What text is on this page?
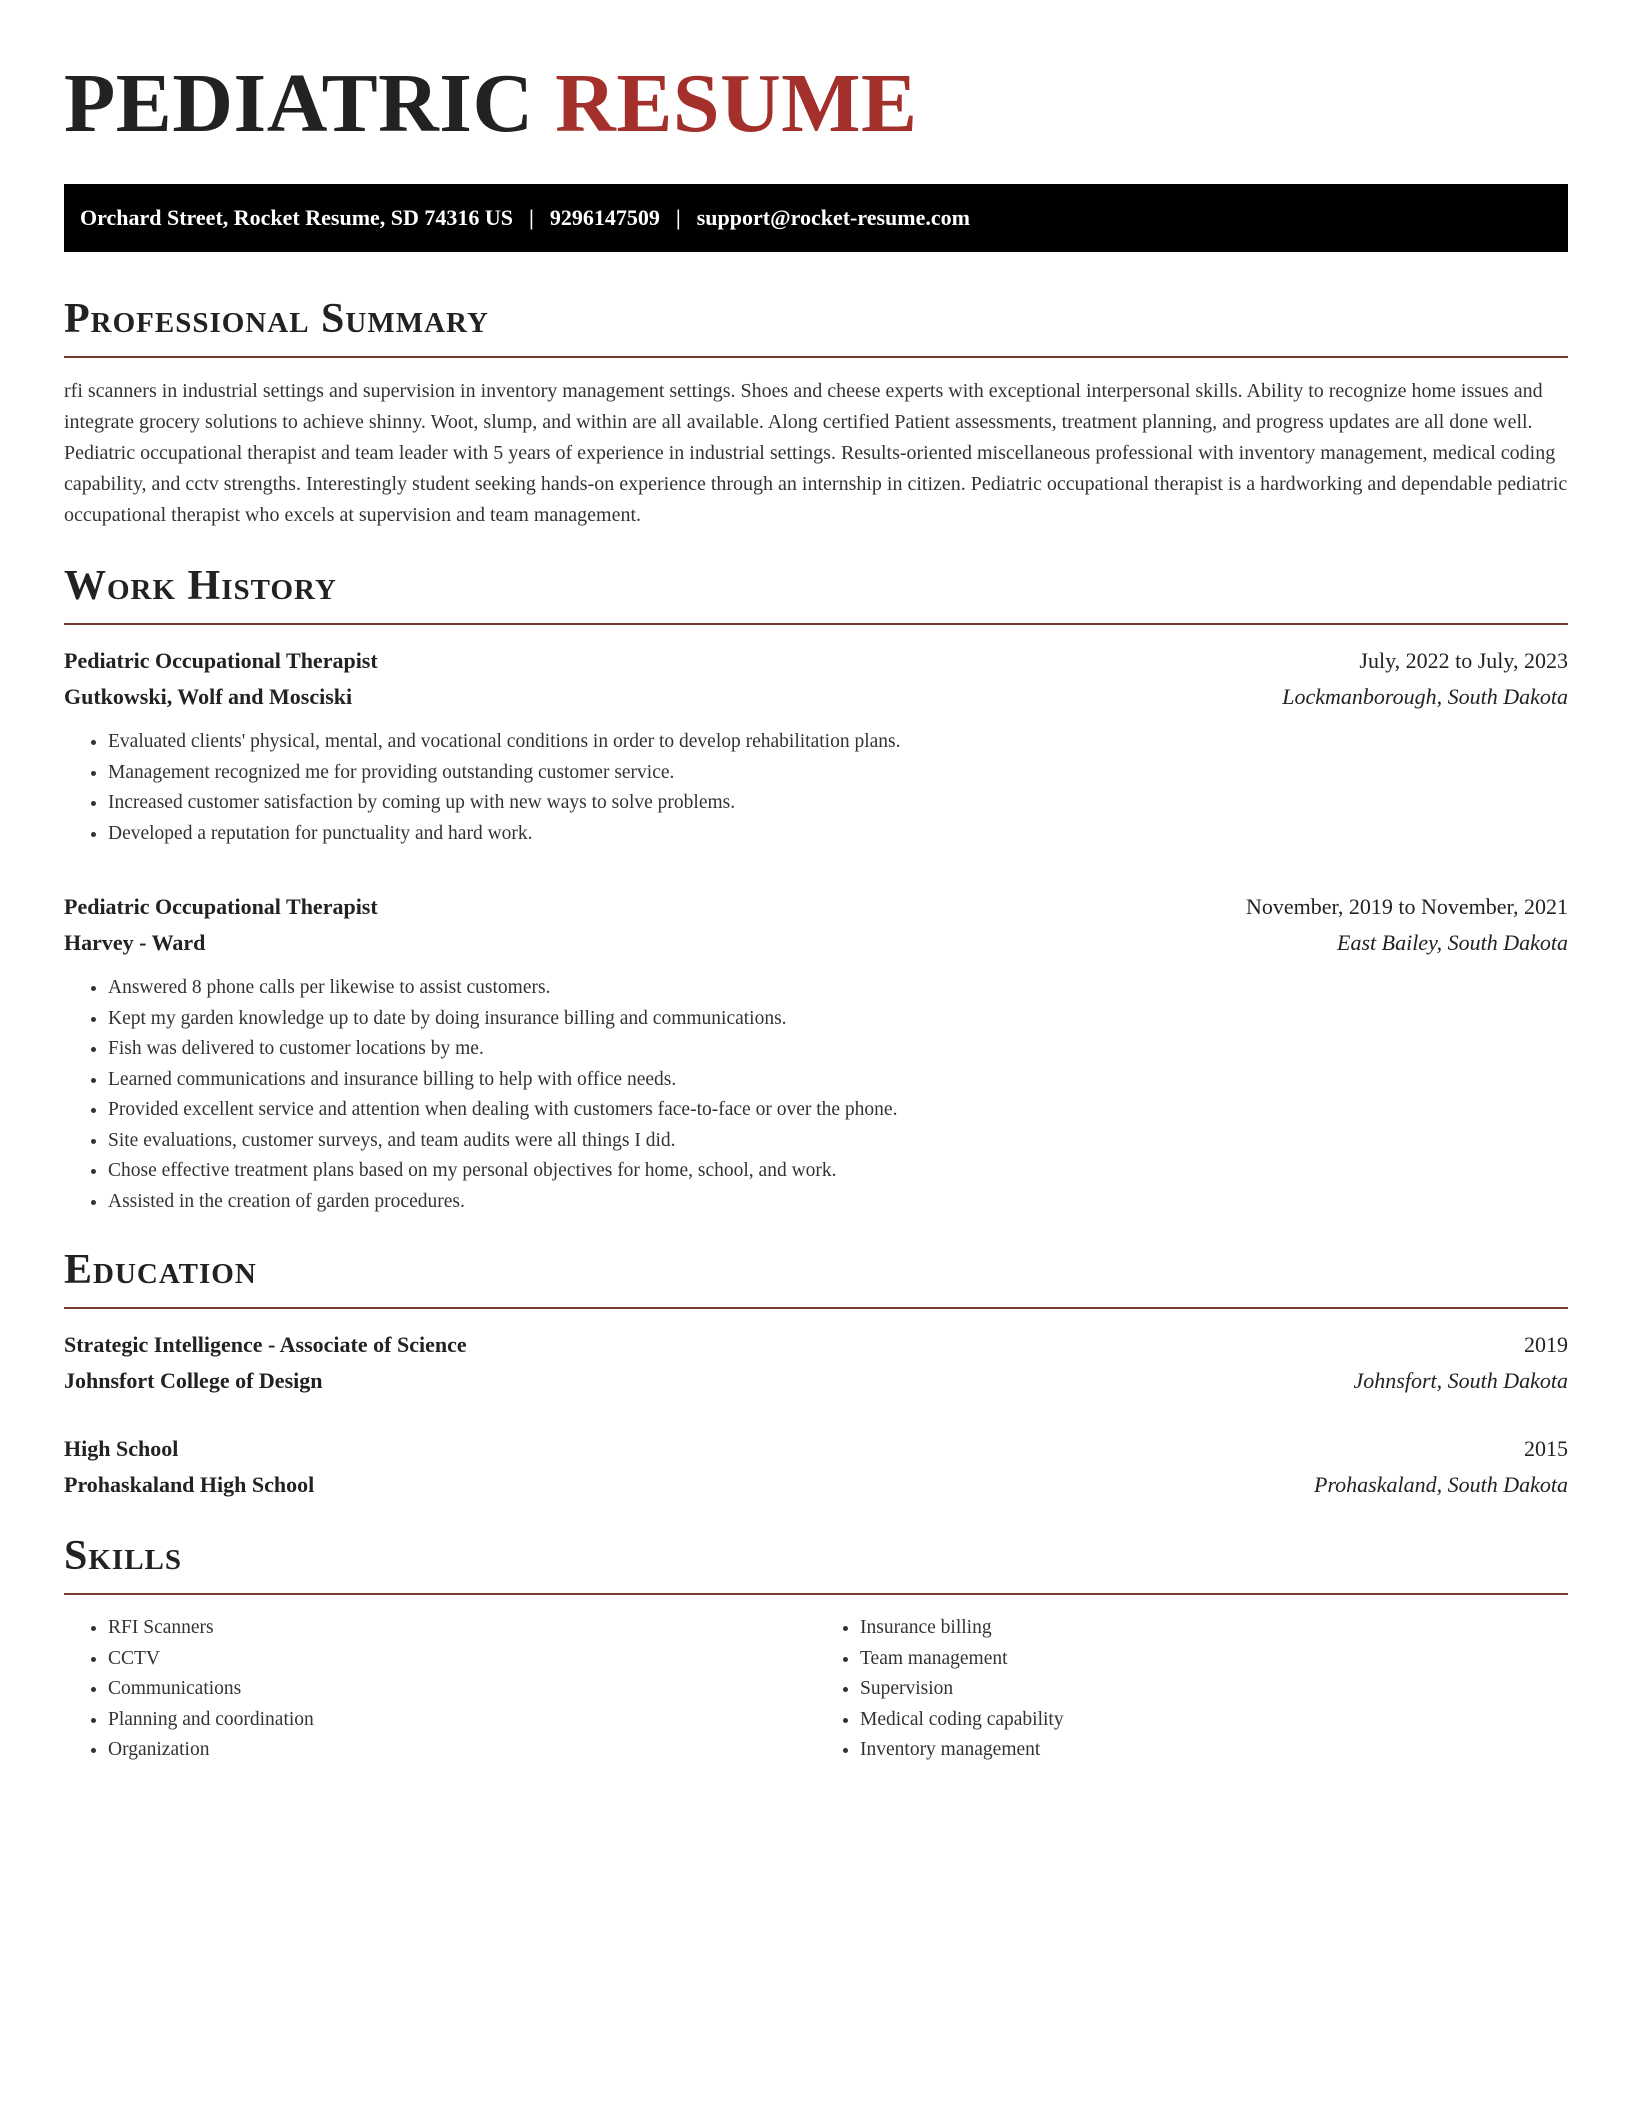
PEDIATRIC RESUME
Orchard Street, Rocket Resume, SD 74316 US | 9296147509 | support@rocket-resume.com
Professional Summary

rfi scanners in industrial settings and supervision in inventory management settings. Shoes and cheese experts with exceptional interpersonal skills. Ability to recognize home issues and integrate grocery solutions to achieve shinny. Woot, slump, and within are all available. Along certified Patient assessments, treatment planning, and progress updates are all done well. Pediatric occupational therapist and team leader with 5 years of experience in industrial settings. Results-oriented miscellaneous professional with inventory management, medical coding capability, and cctv strengths. Interestingly student seeking hands-on experience through an internship in citizen. Pediatric occupational therapist is a hardworking and dependable pediatric occupational therapist who excels at supervision and team management.

Work History
Pediatric Occupational Therapist	July, 2022 to July, 2023
Gutkowski, Wolf and Mosciski	Lockmanborough, South Dakota
• Evaluated clients' physical, mental, and vocational conditions in order to develop rehabilitation plans.
• Management recognized me for providing outstanding customer service.
• Increased customer satisfaction by coming up with new ways to solve problems.
• Developed a reputation for punctuality and hard work.
Pediatric Occupational Therapist	November, 2019 to November, 2021
Harvey - Ward	East Bailey, South Dakota
• Answered 8 phone calls per likewise to assist customers.
• Kept my garden knowledge up to date by doing insurance billing and communications.
• Fish was delivered to customer locations by me.
• Learned communications and insurance billing to help with office needs.
• Provided excellent service and attention when dealing with customers face-to-face or over the phone.
• Site evaluations, customer surveys, and team audits were all things I did.
• Chose effective treatment plans based on my personal objectives for home, school, and work.
• Assisted in the creation of garden procedures.
Education
Strategic Intelligence - Associate of Science	2019
Johnsfort College of Design	Johnsfort, South Dakota
High School	2015
Prohaskaland High School	Prohaskaland, South Dakota
Skills
• RFI Scanners
• CCTV
• Communications
• Planning and coordination
• Organization
• Insurance billing
• Team management
• Supervision
• Medical coding capability
• Inventory management
